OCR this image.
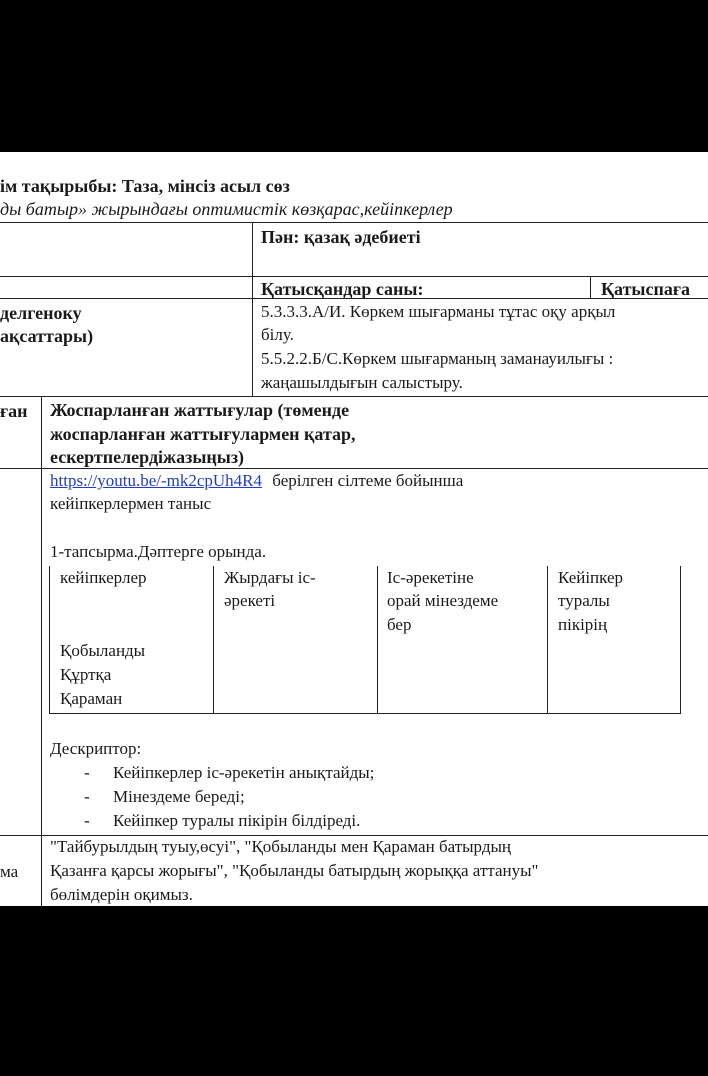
ім тақырыбы: Таза, мінсіз асыл сөз
ды батыр» жырындағы оптимистік көзқарас,кейіпкерлер
Пән: қазақ әдебиеті
Қатысқандар саны:	Қатыспаға
делгеноку
ақсаттары)
5.3.3.3.А/И. Көркем шығарманы тұтас оқу арқыл
білу.
5.5.2.2.Б/С.Көркем шығарманың заманауилығы :
жаңашылдығын салыстыру.
ған Жоспарланған жаттығулар (төменде
жоспарланған жаттығулармен қатар,
ескертпелердіжазыңыз)
https://youtu.be/-mk2cpUh4R4 берілген сілтеме бойынша
кейіпкерлермен таныс
1-тапсырма.Дәптерге орында.
кейіпкерлер	Жырдағы іс-
әрекеті
Іс-әрекетіне
орай мінездеме
бер
Кейіпкер
туралы
пікірің
Қобыланды
Құртқа
Қараман
Дескриптор:
- Кейіпкерлер іс-әрекетін анықтайды;
- Мінездеме береді;
- Кейіпкер туралы пікірін білдіреді.
ма
"Тайбурылдың туыу,өсуі", "Қобыланды мен Қараман батырдың
Қазанға қарсы жорығы", "Қобыланды батырдың жорыққа аттануы"
бөлімдерін оқимыз.
